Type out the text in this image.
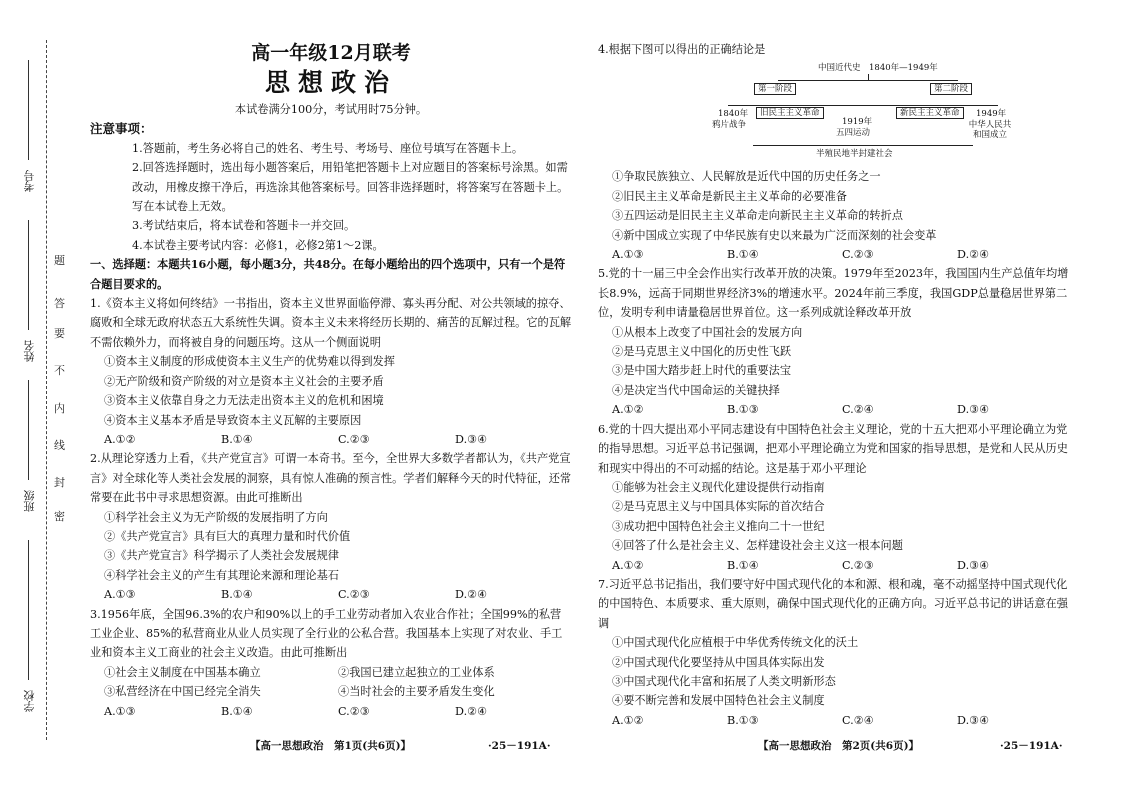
考号
姓名
班级
学校
题
答
要
不
内
线
封
密

高一年级12月联考

思想政治

本试卷满分100分，考试用时75分钟。

注意事项：

1.答题前，考生务必将自己的姓名、考生号、考场号、座位号填写在答题卡上。

2.回答选择题时，选出每小题答案后，用铅笔把答题卡上对应题目的答案标号涂黑。如需改动，用橡皮擦干净后，再选涂其他答案标号。回答非选择题时，将答案写在答题卡上。写在本试卷上无效。

3.考试结束后，将本试卷和答题卡一并交回。

4.本试卷主要考试内容：必修1，必修2第1～2课。

一、选择题：本题共16小题，每小题3分，共48分。在每小题给出的四个选项中，只有一个是符合题目要求的。

1.《资本主义将如何终结》一书指出，资本主义世界面临停滞、寡头再分配、对公共领域的掠夺、腐败和全球无政府状态五大系统性失调。资本主义未来将经历长期的、痛苦的瓦解过程。它的瓦解不需依赖外力，而将被自身的问题压垮。这从一个侧面说明

①资本主义制度的形成使资本主义生产的优势难以得到发挥

②无产阶级和资产阶级的对立是资本主义社会的主要矛盾

③资本主义依靠自身之力无法走出资本主义的危机和困境

④资本主义基本矛盾是导致资本主义瓦解的主要原因

A.①②	B.①④	C.②③	D.③④

2.从理论穿透力上看，《共产党宣言》可谓一本奇书。至今，全世界大多数学者都认为，《共产党宣言》对全球化等人类社会发展的洞察，具有惊人准确的预言性。学者们解释今天的时代特征，还常常要在此书中寻求思想资源。由此可推断出

①科学社会主义为无产阶级的发展指明了方向

②《共产党宣言》具有巨大的真理力量和时代价值

③《共产党宣言》科学揭示了人类社会发展规律

④科学社会主义的产生有其理论来源和理论基石

A.①③	B.①④	C.②③	D.②④

3.1956年底，全国96.3%的农户和90%以上的手工业劳动者加入农业合作社；全国99%的私营工业企业、85%的私营商业从业人员实现了全行业的公私合营。我国基本上实现了对农业、手工业和资本主义工商业的社会主义改造。由此可推断出

①社会主义制度在中国基本确立	②我国已建立起独立的工业体系
③私营经济在中国已经完全消失	④当时社会的主要矛盾发生变化
A.①③	B.①④	C.②③	D.②④

4.根据下图可以得出的正确结论是

中国近代史　1840年—1949年
第一阶段	第二阶段
1840年
鸦片战争
旧民主主义革命
1919年
五四运动
新民主主义革命	1949年
中华人民共和国成立
半殖民地半封建社会

①争取民族独立、人民解放是近代中国的历史任务之一

②旧民主主义革命是新民主主义革命的必要准备

③五四运动是旧民主主义革命走向新民主主义革命的转折点

④新中国成立实现了中华民族有史以来最为广泛而深刻的社会变革

A.①③	B.①④	C.②③	D.②④

5.党的十一届三中全会作出实行改革开放的决策。1979年至2023年，我国国内生产总值年均增长8.9%，远高于同期世界经济3%的增速水平。2024年前三季度，我国GDP总量稳居世界第二位，发明专利申请量稳居世界首位。这一系列成就诠释改革开放

①从根本上改变了中国社会的发展方向

②是马克思主义中国化的历史性飞跃

③是中国大踏步赶上时代的重要法宝

④是决定当代中国命运的关键抉择

A.①②	B.①③	C.②④	D.③④

6.党的十四大提出邓小平同志建设有中国特色社会主义理论，党的十五大把邓小平理论确立为党的指导思想。习近平总书记强调，把邓小平理论确立为党和国家的指导思想，是党和人民从历史和现实中得出的不可动摇的结论。这是基于邓小平理论

①能够为社会主义现代化建设提供行动指南

②是马克思主义与中国具体实际的首次结合

③成功把中国特色社会主义推向二十一世纪

④回答了什么是社会主义、怎样建设社会主义这一根本问题

A.①②	B.①④	C.②③	D.③④

7.习近平总书记指出，我们要守好中国式现代化的本和源、根和魂，毫不动摇坚持中国式现代化的中国特色、本质要求、重大原则，确保中国式现代化的正确方向。习近平总书记的讲话意在强调

①中国式现代化应植根于中华优秀传统文化的沃土

②中国式现代化要坚持从中国具体实际出发

③中国式现代化丰富和拓展了人类文明新形态

④要不断完善和发展中国特色社会主义制度

A.①②	B.①③	C.②④	D.③④
【高一思想政治　第1页(共6页)】	·25－191A·	【高一思想政治　第2页(共6页)】	·25－191A·
